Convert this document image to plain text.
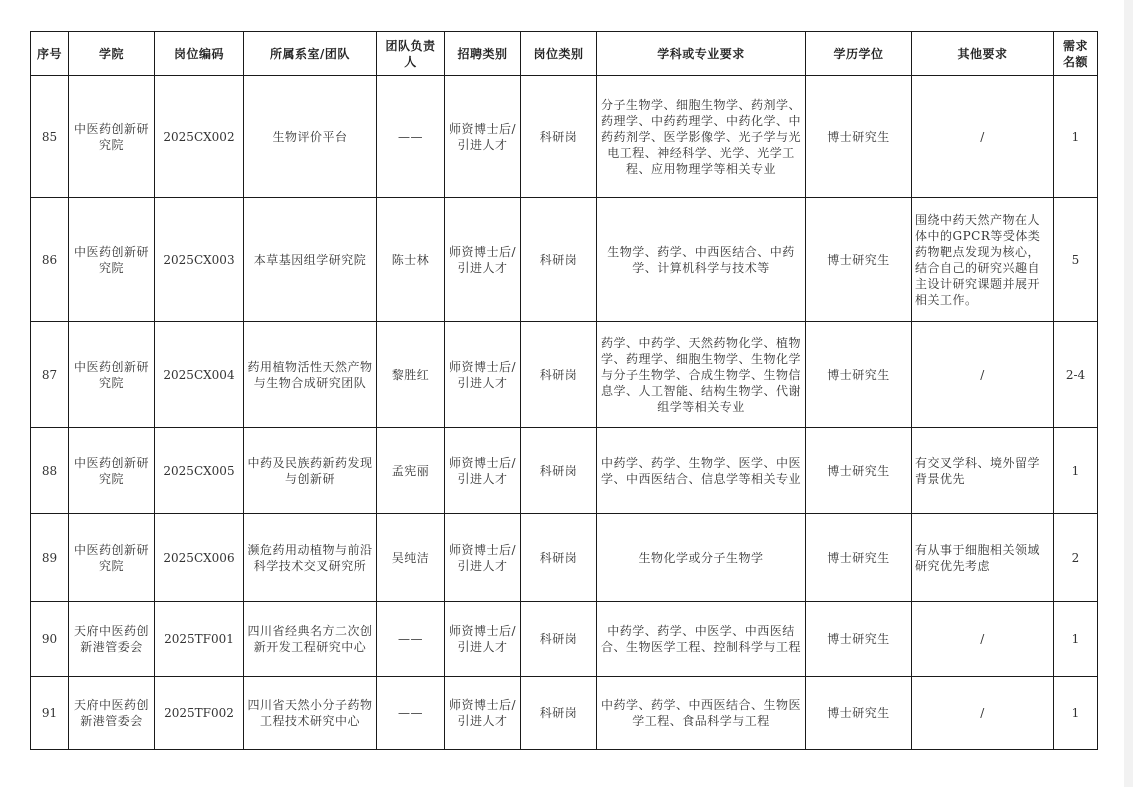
序号	学院	岗位编码	所属系室/团队	团队负责人	招聘类别	岗位类别	学科或专业要求	学历学位	其他要求	需求名额
85	中医药创新研究院	2025CX002	生物评价平台	——	师资博士后/引进人才	科研岗	分子生物学、细胞生物学、药剂学、药理学、中药药理学、中药化学、中药药剂学、医学影像学、光子学与光电工程、神经科学、光学、光学工程、应用物理学等相关专业	博士研究生	/	1
86	中医药创新研究院	2025CX003	本草基因组学研究院	陈士林	师资博士后/引进人才	科研岗	生物学、药学、中西医结合、中药学、计算机科学与技术等	博士研究生	围绕中药天然产物在人体中的GPCR等受体类药物靶点发现为核心，结合自己的研究兴趣自主设计研究课题并展开相关工作。	5
87	中医药创新研究院	2025CX004	药用植物活性天然产物与生物合成研究团队	黎胜红	师资博士后/引进人才	科研岗	药学、中药学、天然药物化学、植物学、药理学、细胞生物学、生物化学与分子生物学、合成生物学、生物信息学、人工智能、结构生物学、代谢组学等相关专业	博士研究生	/	2-4
88	中医药创新研究院	2025CX005	中药及民族药新药发现与创新研	孟宪丽	师资博士后/引进人才	科研岗	中药学、药学、生物学、医学、中医学、中西医结合、信息学等相关专业	博士研究生	有交叉学科、境外留学背景优先	1
89	中医药创新研究院	2025CX006	濒危药用动植物与前沿科学技术交叉研究所	吴纯洁	师资博士后/引进人才	科研岗	生物化学或分子生物学	博士研究生	有从事于细胞相关领域研究优先考虑	2
90	天府中医药创新港管委会	2025TF001	四川省经典名方二次创新开发工程研究中心	——	师资博士后/引进人才	科研岗	中药学、药学、中医学、中西医结合、生物医学工程、控制科学与工程	博士研究生	/	1
91	天府中医药创新港管委会	2025TF002	四川省天然小分子药物工程技术研究中心	——	师资博士后/引进人才	科研岗	中药学、药学、中西医结合、生物医学工程、食品科学与工程	博士研究生	/	1
